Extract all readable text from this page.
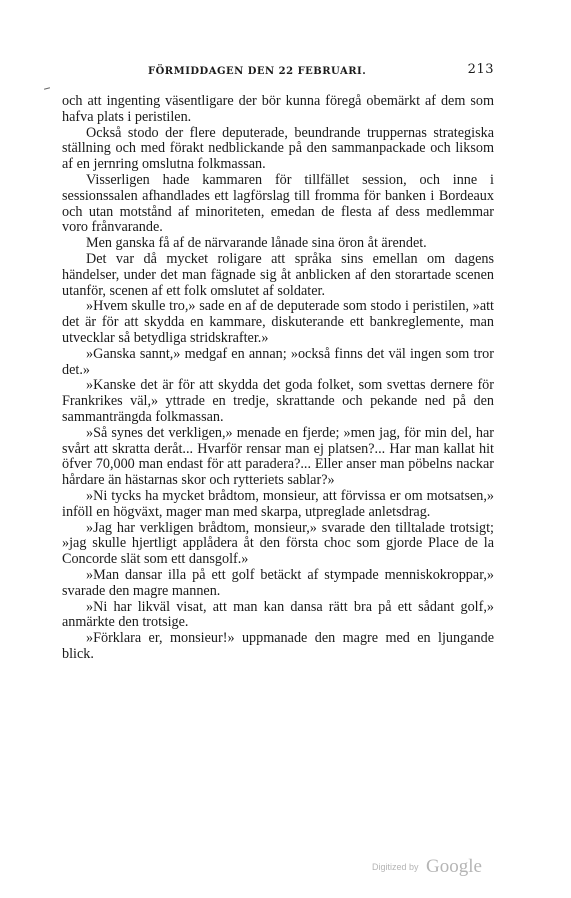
FÖRMIDDAGEN DEN 22 FEBRUARI.	213

och att ingenting väsentligare der bör kunna föregå obemärkt af dem som hafva plats i peristilen.

Också stodo der flere deputerade, beundrande truppernas strategiska ställning och med förakt nedblickande på den sammanpackade och liksom af en jernring omslutna folkmassan.

Visserligen hade kammaren för tillfället session, och inne i sessionssalen afhandlades ett lagförslag till fromma för banken i Bordeaux och utan motstånd af minoriteten, emedan de flesta af dess medlemmar voro frånvarande.

Men ganska få af de närvarande lånade sina öron åt ärendet.

Det var då mycket roligare att språka sins emellan om dagens händelser, under det man fägnade sig åt anblicken af den storartade scenen utanför, scenen af ett folk omslutet af soldater.

»Hvem skulle tro,» sade en af de deputerade som stodo i peristilen, »att det är för att skydda en kammare, diskuterande ett bankreglemente, man utvecklar så betydliga stridskrafter.»

»Ganska sannt,» medgaf en annan; »också finns det väl ingen som tror det.»

»Kanske det är för att skydda det goda folket, som svettas dernere för Frankrikes väl,» yttrade en tredje, skrattande och pekande ned på den sammanträngda folkmassan.

»Så synes det verkligen,» menade en fjerde; »men jag, för min del, har svårt att skratta deråt... Hvarför rensar man ej platsen?... Har man kallat hit öfver 70,000 man endast för att paradera?... Eller anser man pöbelns nackar hårdare än hästarnas skor och rytteriets sablar?»

»Ni tycks ha mycket brådtom, monsieur, att förvissa er om motsatsen,» inföll en högväxt, mager man med skarpa, utpreglade anletsdrag.

»Jag har verkligen brådtom, monsieur,» svarade den tilltalade trotsigt; »jag skulle hjertligt applådera åt den första choc som gjorde Place de la Concorde slät som ett dansgolf.»

»Man dansar illa på ett golf betäckt af stympade menniskokroppar,» svarade den magre mannen.

»Ni har likväl visat, att man kan dansa rätt bra på ett sådant golf,» anmärkte den trotsige.

»Förklara er, monsieur!» uppmanade den magre med en ljungande blick.

Digitized by Google
